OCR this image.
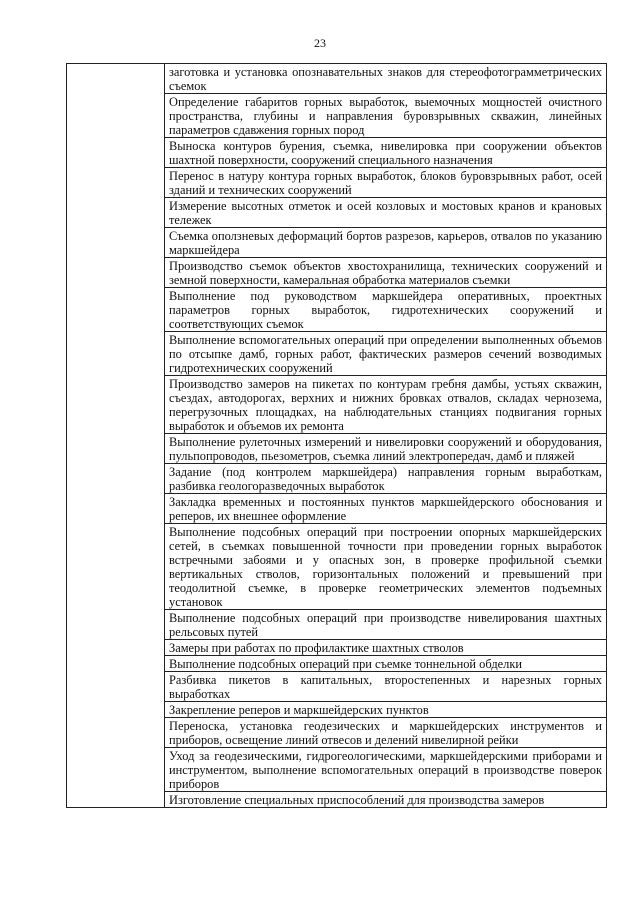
23

заготовка и установка опознавательных знаков для стереофотограмметрических съемок

Определение габаритов горных выработок, выемочных мощностей очистного пространства, глубины и направления буровзрывных скважин, линейных параметров сдавжения горных пород

Выноска контуров бурения, съемка, нивелировка при сооружении объектов шахтной поверхности, сооружений специального назначения

Перенос в натуру контура горных выработок, блоков буровзрывных работ, осей зданий и технических сооружений

Измерение высотных отметок и осей козловых и мостовых кранов и крановых тележек

Съемка оползневых деформаций бортов разрезов, карьеров, отвалов по указанию маркшейдера

Производство съемок объектов хвостохранилища, технических сооружений и земной поверхности, камеральная обработка материалов съемки

Выполнение под руководством маркшейдера оперативных, проектных параметров горных выработок, гидротехнических сооружений и соответствующих съемок

Выполнение вспомогательных операций при определении выполненных объемов по отсыпке дамб, горных работ, фактических размеров сечений возводимых гидротехнических сооружений

Производство замеров на пикетах по контурам гребня дамбы, устьях скважин, съездах, автодорогах, верхних и нижних бровках отвалов, складах чернозема, перегрузочных площадках, на наблюдательных станциях подвигания горных выработок и объемов их ремонта

Выполнение рулеточных измерений и нивелировки сооружений и оборудования, пульпопроводов, пьезометров, съемка линий электропередач, дамб и пляжей

Задание (под контролем маркшейдера) направления горным выработкам, разбивка геологоразведочных выработок

Закладка временных и постоянных пунктов маркшейдерского обоснования и реперов, их внешнее оформление

Выполнение подсобных операций при построении опорных маркшейдерских сетей, в съемках повышенной точности при проведении горных выработок встречными забоями и у опасных зон, в проверке профильной съемки вертикальных стволов, горизонтальных положений и превышений при теодолитной съемке, в проверке геометрических элементов подъемных установок

Выполнение подсобных операций при производстве нивелирования шахтных рельсовых путей

Замеры при работах по профилактике шахтных стволов

Выполнение подсобных операций при съемке тоннельной обделки

Разбивка пикетов в капитальных, второстепенных и нарезных горных выработках

Закрепление реперов и маркшейдерских пунктов

Переноска, установка геодезических и маркшейдерских инструментов и приборов, освещение линий отвесов и делений нивелирной рейки

Уход за геодезическими, гидрогеологическими, маркшейдерскими приборами и инструментом, выполнение вспомогательных операций в производстве поверок приборов

Изготовление специальных приспособлений для производства замеров
